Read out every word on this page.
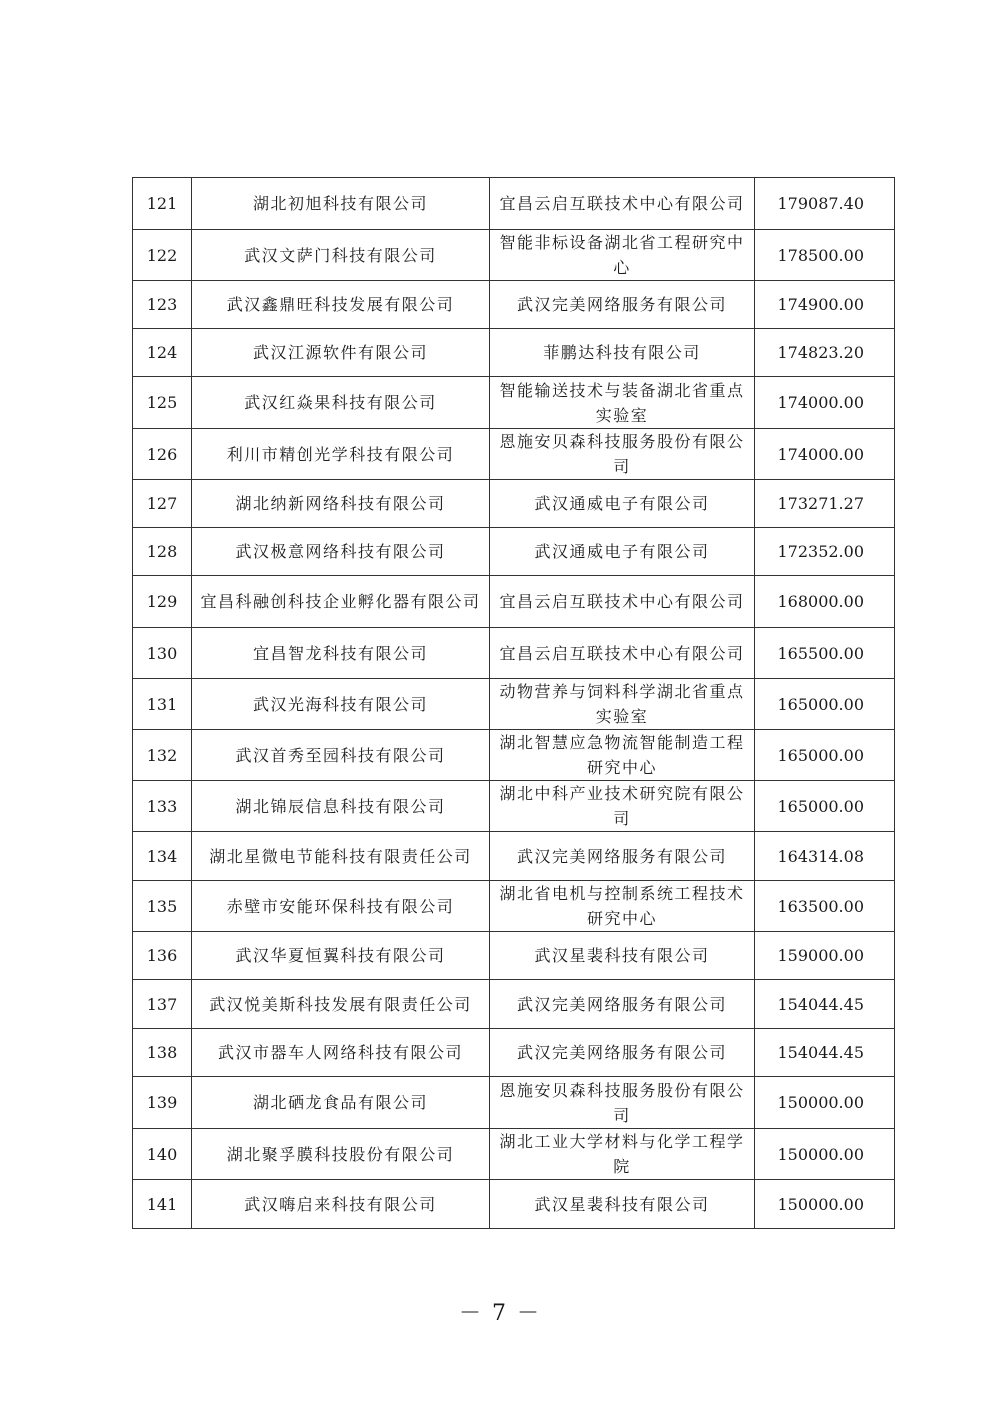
121	湖北初旭科技有限公司	宜昌云启互联技术中心有限公司	179087.40
122	武汉文萨门科技有限公司	智能非标设备湖北省工程研究中心	178500.00
123	武汉鑫鼎旺科技发展有限公司	武汉完美网络服务有限公司	174900.00
124	武汉江源软件有限公司	菲鹏达科技有限公司	174823.20
125	武汉红焱果科技有限公司	智能输送技术与装备湖北省重点实验室	174000.00
126	利川市精创光学科技有限公司	恩施安贝森科技服务股份有限公司	174000.00
127	湖北纳新网络科技有限公司	武汉通威电子有限公司	173271.27
128	武汉极意网络科技有限公司	武汉通威电子有限公司	172352.00
129	宜昌科融创科技企业孵化器有限公司	宜昌云启互联技术中心有限公司	168000.00
130	宜昌智龙科技有限公司	宜昌云启互联技术中心有限公司	165500.00
131	武汉光海科技有限公司	动物营养与饲料科学湖北省重点实验室	165000.00
132	武汉首秀至园科技有限公司	湖北智慧应急物流智能制造工程研究中心	165000.00
133	湖北锦辰信息科技有限公司	湖北中科产业技术研究院有限公司	165000.00
134	湖北星微电节能科技有限责任公司	武汉完美网络服务有限公司	164314.08
135	赤壁市安能环保科技有限公司	湖北省电机与控制系统工程技术研究中心	163500.00
136	武汉华夏恒翼科技有限公司	武汉星裴科技有限公司	159000.00
137	武汉悦美斯科技发展有限责任公司	武汉完美网络服务有限公司	154044.45
138	武汉市器车人网络科技有限公司	武汉完美网络服务有限公司	154044.45
139	湖北硒龙食品有限公司	恩施安贝森科技服务股份有限公司	150000.00
140	湖北聚孚膜科技股份有限公司	湖北工业大学材料与化学工程学院	150000.00
141	武汉嗨启来科技有限公司	武汉星裴科技有限公司	150000.00
－ 7 －
